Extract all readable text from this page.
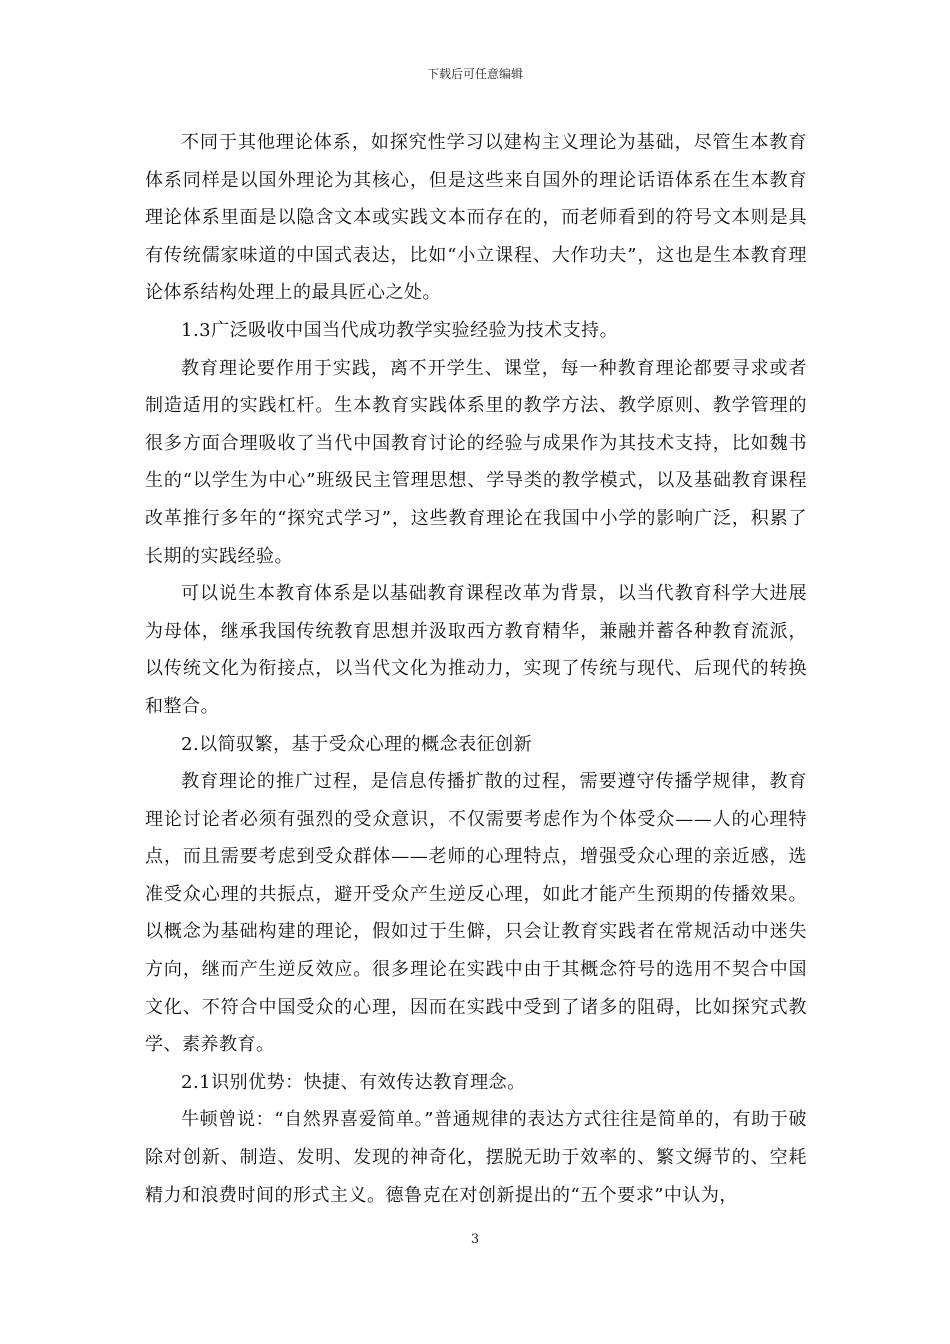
下载后可任意编辑

不同于其他理论体系，如探究性学习以建构主义理论为基础，尽管生本教育体系同样是以国外理论为其核心，但是这些来自国外的理论话语体系在生本教育理论体系里面是以隐含文本或实践文本而存在的，而老师看到的符号文本则是具有传统儒家味道的中国式表达，比如“小立课程、大作功夫”，这也是生本教育理论体系结构处理上的最具匠心之处。

1.3广泛吸收中国当代成功教学实验经验为技术支持。

教育理论要作用于实践，离不开学生、课堂，每一种教育理论都要寻求或者制造适用的实践杠杆。生本教育实践体系里的教学方法、教学原则、教学管理的很多方面合理吸收了当代中国教育讨论的经验与成果作为其技术支持，比如魏书生的“以学生为中心”班级民主管理思想、学导类的教学模式，以及基础教育课程改革推行多年的“探究式学习”，这些教育理论在我国中小学的影响广泛，积累了长期的实践经验。

可以说生本教育体系是以基础教育课程改革为背景，以当代教育科学大进展为母体，继承我国传统教育思想并汲取西方教育精华，兼融并蓄各种教育流派，以传统文化为衔接点，以当代文化为推动力，实现了传统与现代、后现代的转换和整合。

2.以简驭繁，基于受众心理的概念表征创新

教育理论的推广过程，是信息传播扩散的过程，需要遵守传播学规律，教育理论讨论者必须有强烈的受众意识，不仅需要考虑作为个体受众——人的心理特点，而且需要考虑到受众群体——老师的心理特点，增强受众心理的亲近感，选准受众心理的共振点，避开受众产生逆反心理，如此才能产生预期的传播效果。以概念为基础构建的理论，假如过于生僻，只会让教育实践者在常规活动中迷失方向，继而产生逆反效应。很多理论在实践中由于其概念符号的选用不契合中国文化、不符合中国受众的心理，因而在实践中受到了诸多的阻碍，比如探究式教学、素养教育。

2.1识别优势：快捷、有效传达教育理念。

牛顿曾说：“自然界喜爱简单。”普通规律的表达方式往往是简单的，有助于破除对创新、制造、发明、发现的神奇化，摆脱无助于效率的、繁文缛节的、空耗精力和浪费时间的形式主义。德鲁克在对创新提出的“五个要求”中认为，

3
